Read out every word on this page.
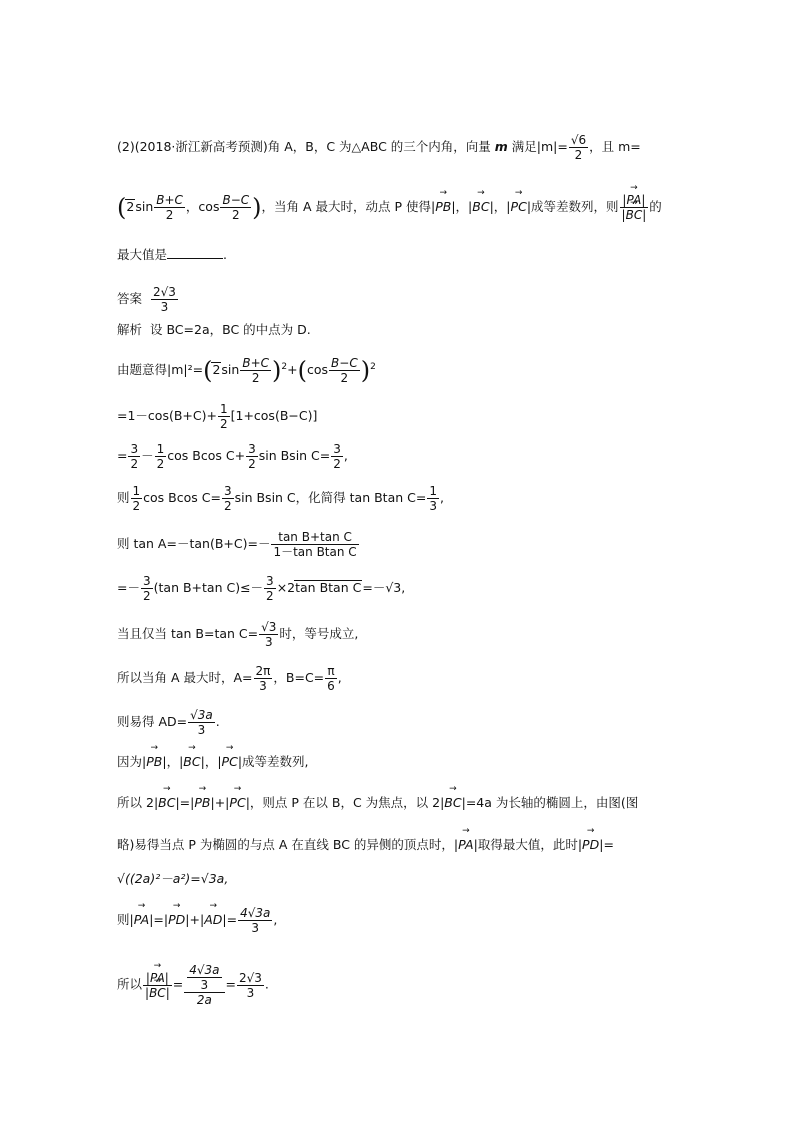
(2)(2018·浙江新高考预测)角 A，B，C 为△ABC 的三个内角，向量 m 满足$|m|= \frac{√6}{2}$ ，且 m=
($2\sin \frac{B+C}{2}$ ，$\cos \frac{B-C}{2}$ )，当角 A 最大时，动点 P 使得|→ PB|，|→ BC|，|→ PC|成等差数列，则 $\frac{|\to PA|}{|\to BC|}$ 的
最大值是	.
答案 $\frac{2√3}{3}$
解析 设 BC=2a，BC 的中点为 D.
由题意得$|m|^2=(2\sin \frac{B+C}{2} )^2+(\cos \frac{B-C}{2} )^2$
$=1-\cos(B+C)+ \frac{1}{2} [1+\cos(B-C)]$
= $\frac{3}{2} - \frac{1}{2}$ cos Bcos $C+ \frac{3}{2}$ sin Bsin $C= \frac{3}{2}$ ,
则 $\frac{1}{2}$ cos Bcos $C= \frac{3}{2}$ sin Bsin C，化简得 tan Btan $C= \frac{1}{3}$ ,
则 $\tan A=-\tan(B+C)=- \frac{\text{tan B+tan C}}{\text{1－tan Btan C}}$
=－ $\frac{3}{2} (\tan$ B+tan $C)\le- \frac{3}{2} \times 2\tan$ Btan C=－√3,
当且仅当 tan B=tan $C= \frac{√3}{3}$ 时，等号成立,
所以当角 A 最大时，$A= \frac{2\pi}{3}$ ，$B=C= \frac{\pi}{6}$ ,
则易得 $AD= \frac{√3a}{3}$ .
因为|→ PB|，|→ BC|，|→ PC|成等差数列,
所以 2|→ BC|=|→ PB|+|→ PC|，则点 P 在以 B，C 为焦点，以 2|→ BC|=4a 为长轴的椭圆上，由图(图
略)易得当点 P 为椭圆的与点 A 在直线 BC 的异侧的顶点时，|→ PA|取得最大值，此时|→ PD|=
√((2a)²－a²)=√3a,
则|→ $PA|=|\to PD|+|\to AD|= \frac{4√3a}{3}$ ,
所以 $\frac{|\to PA|}{|\to BC|} = \frac{\frac{4√3a}{3}}{2a} = \frac{2√3}{3}$ .
